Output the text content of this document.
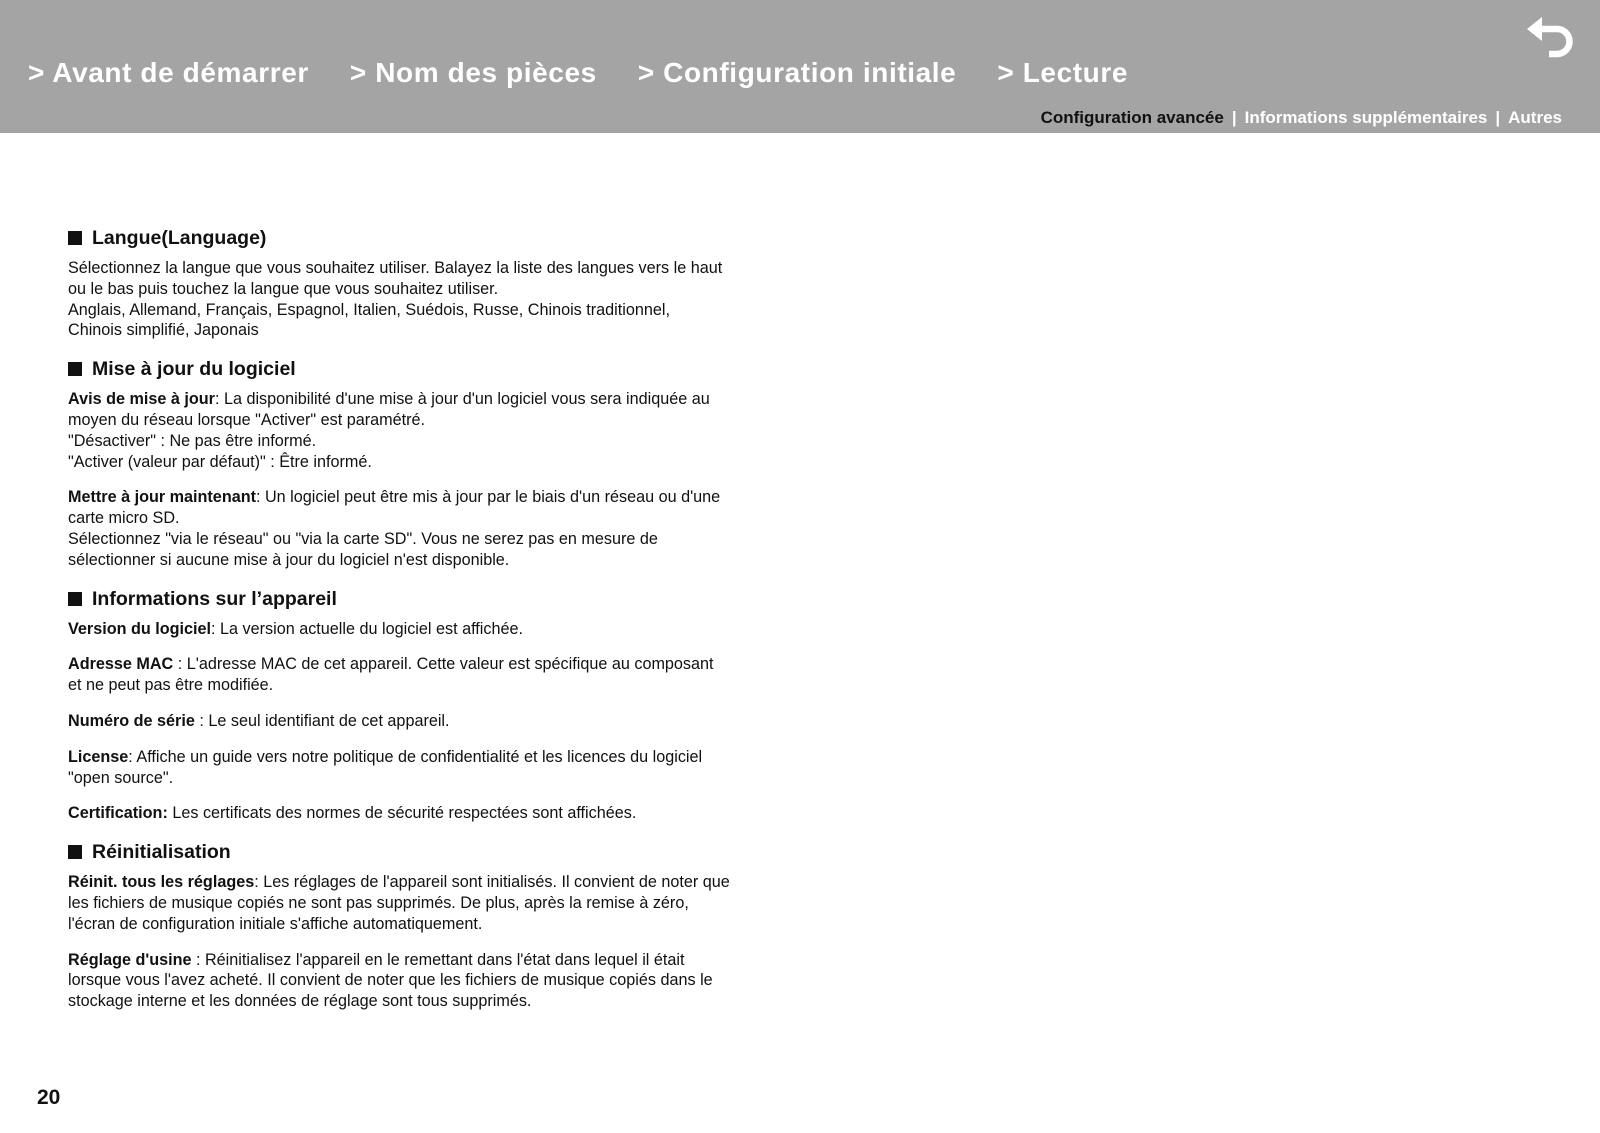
> Avant de démarrer > Nom des pièces > Configuration initiale > Lecture
Configuration avancée | Informations supplémentaires | Autres
Langue(Language)
Sélectionnez la langue que vous souhaitez utiliser. Balayez la liste des langues vers le haut
ou le bas puis touchez la langue que vous souhaitez utiliser.
Anglais, Allemand, Français, Espagnol, Italien, Suédois, Russe, Chinois traditionnel,
Chinois simplifié, Japonais
Mise à jour du logiciel
Avis de mise à jour: La disponibilité d'une mise à jour d'un logiciel vous sera indiquée au
moyen du réseau lorsque "Activer" est paramétré.
"Désactiver" : Ne pas être informé.
"Activer (valeur par défaut)" : Être informé.
Mettre à jour maintenant: Un logiciel peut être mis à jour par le biais d'un réseau ou d'une
carte micro SD.
Sélectionnez "via le réseau" ou "via la carte SD". Vous ne serez pas en mesure de
sélectionner si aucune mise à jour du logiciel n'est disponible.
Informations sur l’appareil
Version du logiciel: La version actuelle du logiciel est affichée.
Adresse MAC : L'adresse MAC de cet appareil. Cette valeur est spécifique au composant
et ne peut pas être modifiée.
Numéro de série : Le seul identifiant de cet appareil.
License: Affiche un guide vers notre politique de confidentialité et les licences du logiciel
"open source".
Certification: Les certificats des normes de sécurité respectées sont affichées.
Réinitialisation
Réinit. tous les réglages: Les réglages de l'appareil sont initialisés. Il convient de noter que
les fichiers de musique copiés ne sont pas supprimés. De plus, après la remise à zéro,
l'écran de configuration initiale s'affiche automatiquement.
Réglage d'usine : Réinitialisez l'appareil en le remettant dans l'état dans lequel il était
lorsque vous l'avez acheté. Il convient de noter que les fichiers de musique copiés dans le
stockage interne et les données de réglage sont tous supprimés.
20
